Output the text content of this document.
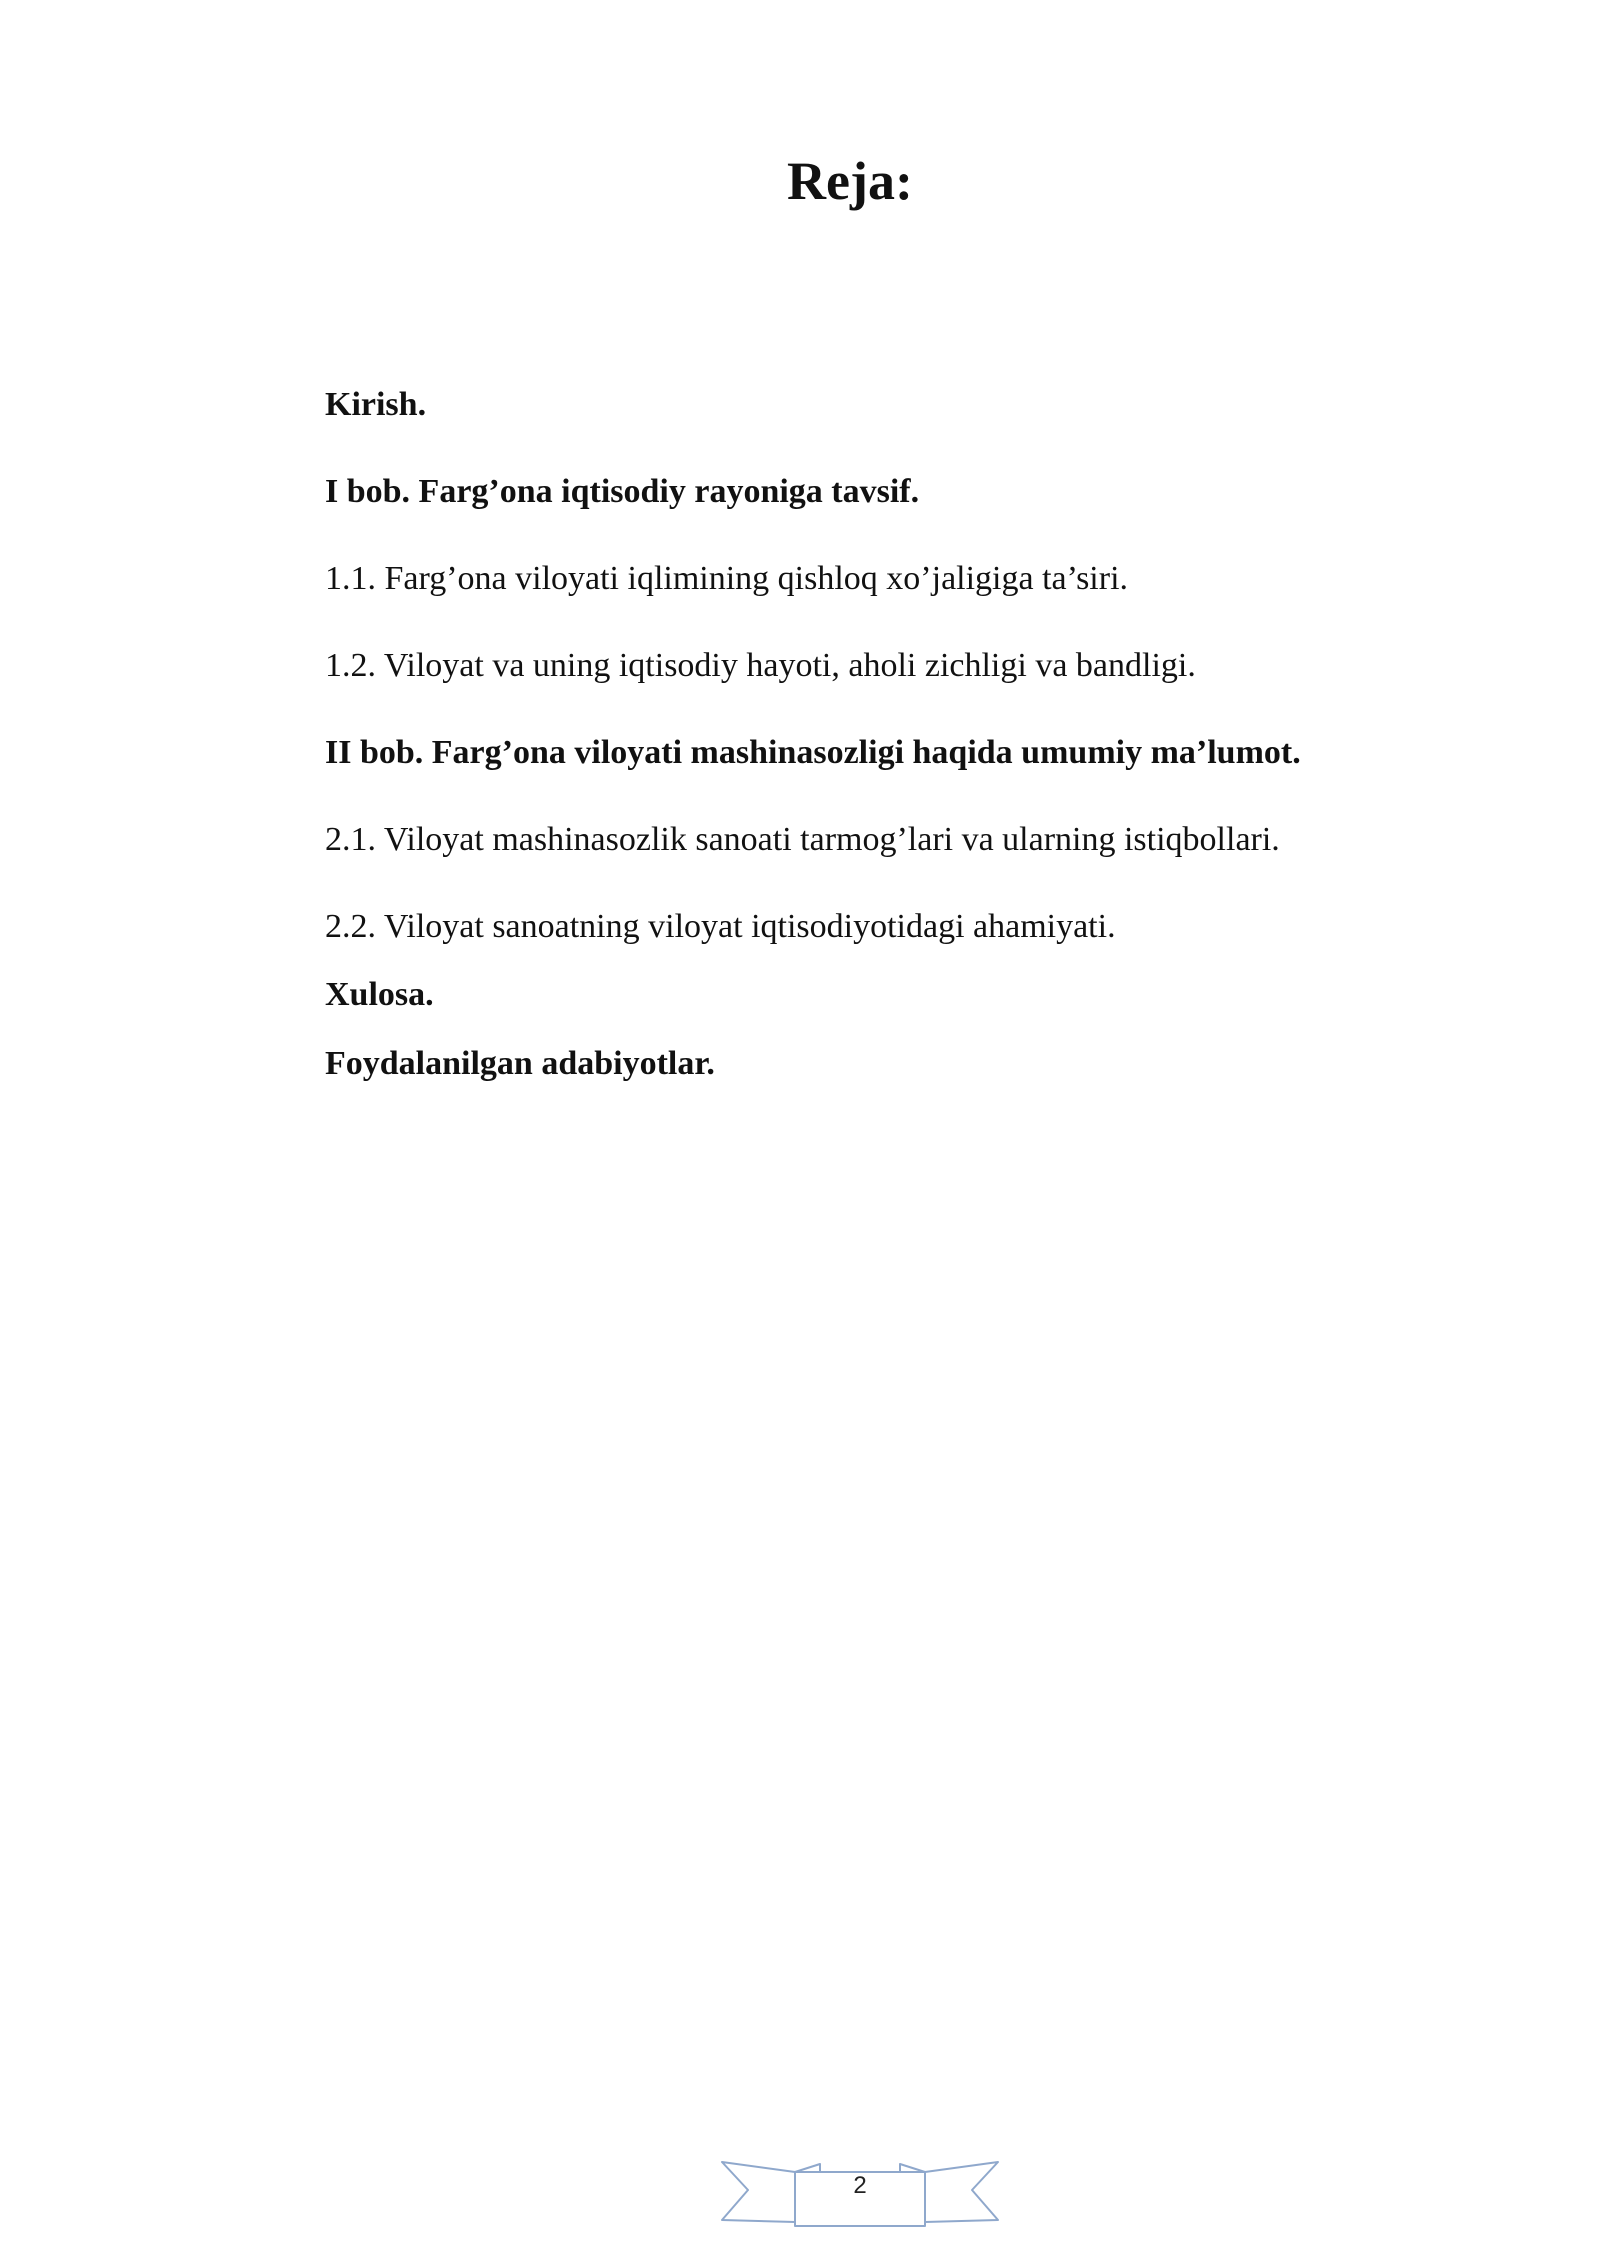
Reja:
Kirish.
I bob. Farg’ona iqtisodiy rayoniga tavsif.
1.1. Farg’ona viloyati iqlimining qishloq xo’jaligiga ta’siri.
1.2. Viloyat va uning iqtisodiy hayoti, aholi zichligi va bandligi.
II bob. Farg’ona viloyati mashinasozligi haqida umumiy ma’lumot.
2.1. Viloyat mashinasozlik sanoati tarmog’lari va ularning istiqbollari.
2.2. Viloyat sanoatning viloyat iqtisodiyotidagi ahamiyati.
Xulosa.
Foydalanilgan adabiyotlar.
2
